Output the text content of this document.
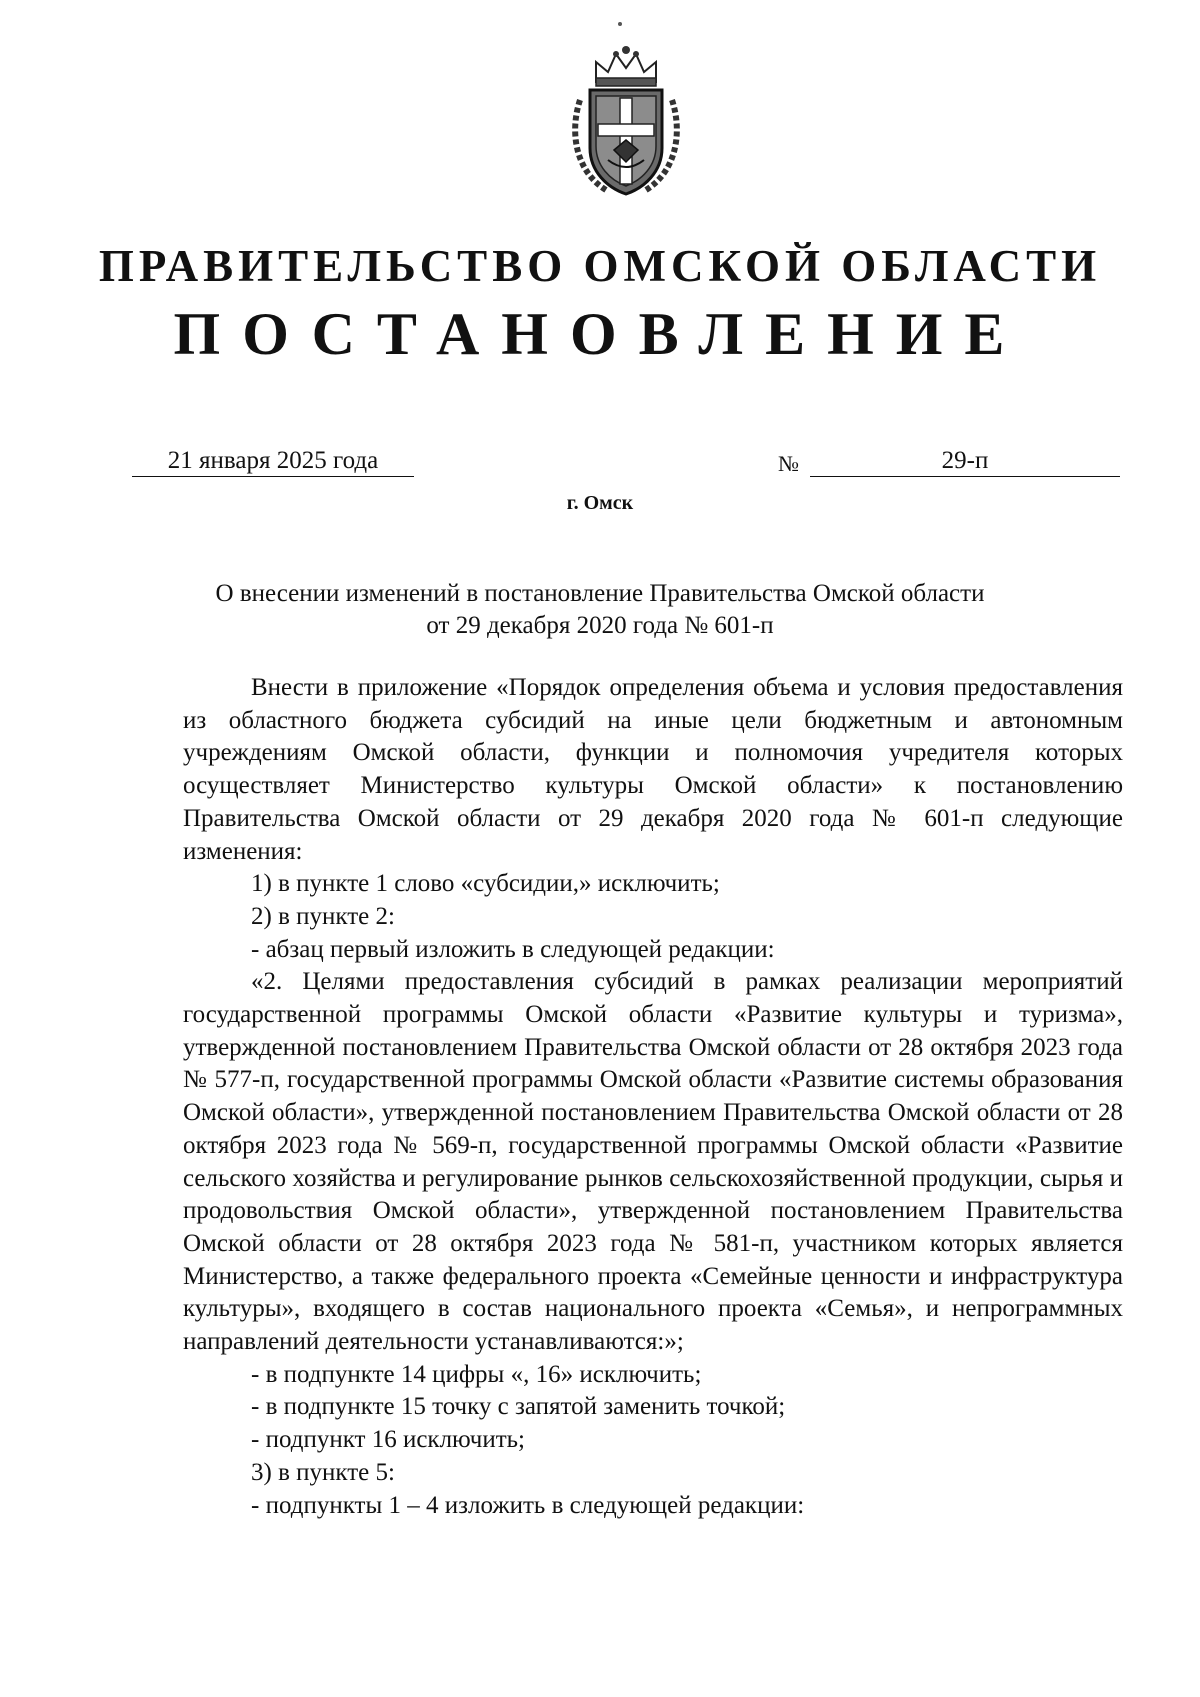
ПРАВИТЕЛЬСТВО ОМСКОЙ ОБЛАСТИ
ПОСТАНОВЛЕНИЕ
21 января 2025 года	№	29-п
г. Омск
О внесении изменений в постановление Правительства Омской области
от 29 декабря 2020 года № 601-п

Внести в приложение «Порядок определения объема и условия предоставления из областного бюджета субсидий на иные цели бюджетным и автономным учреждениям Омской области, функции и полномочия учредителя которых осуществляет Министерство культуры Омской области» к постановлению Правительства Омской области от 29 декабря 2020 года № 601-п следующие изменения:

1) в пункте 1 слово «субсидии,» исключить;

2) в пункте 2:

- абзац первый изложить в следующей редакции:

«2. Целями предоставления субсидий в рамках реализации мероприятий государственной программы Омской области «Развитие культуры и туризма», утвержденной постановлением Правительства Омской области от 28 октября 2023 года № 577-п, государственной программы Омской области «Развитие системы образования Омской области», утвержденной постановлением Правительства Омской области от 28 октября 2023 года № 569-п, государственной программы Омской области «Развитие сельского хозяйства и регулирование рынков сельскохозяйственной продукции, сырья и продовольствия Омской области», утвержденной постановлением Правительства Омской области от 28 октября 2023 года № 581-п, участником которых является Министерство, а также федерального проекта «Семейные ценности и инфраструктура культуры», входящего в состав национального проекта «Семья», и непрограммных направлений деятельности устанавливаются:»;

- в подпункте 14 цифры «, 16» исключить;

- в подпункте 15 точку с запятой заменить точкой;

- подпункт 16 исключить;

3) в пункте 5:

- подпункты 1 – 4 изложить в следующей редакции:
